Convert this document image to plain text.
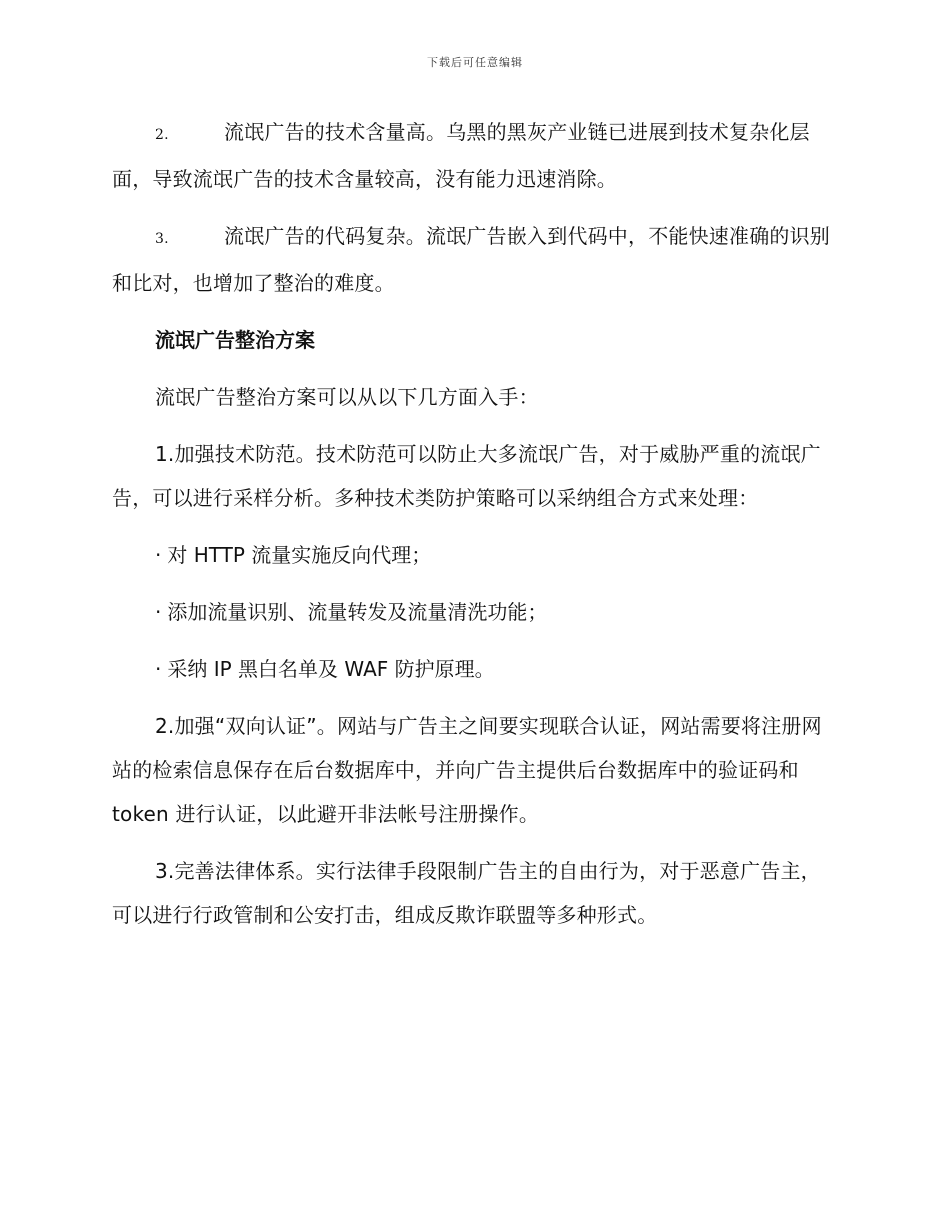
下载后可任意编辑

2.	流氓广告的技术含量高。乌黑的黑灰产业链已进展到技术复杂化层面，导致流氓广告的技术含量较高，没有能力迅速消除。

3.	流氓广告的代码复杂。流氓广告嵌入到代码中，不能快速准确的识别和比对，也增加了整治的难度。

流氓广告整治方案

流氓广告整治方案可以从以下几方面入手：

1.加强技术防范。技术防范可以防止大多流氓广告，对于威胁严重的流氓广告，可以进行采样分析。多种技术类防护策略可以采纳组合方式来处理：

· 对 HTTP 流量实施反向代理；
· 添加流量识别、流量转发及流量清洗功能；
· 采纳 IP 黑白名单及 WAF 防护原理。

2.加强“双向认证”。网站与广告主之间要实现联合认证，网站需要将注册网站的检索信息保存在后台数据库中，并向广告主提供后台数据库中的验证码和 token 进行认证，以此避开非法帐号注册操作。

3.完善法律体系。实行法律手段限制广告主的自由行为，对于恶意广告主，可以进行行政管制和公安打击，组成反欺诈联盟等多种形式。
